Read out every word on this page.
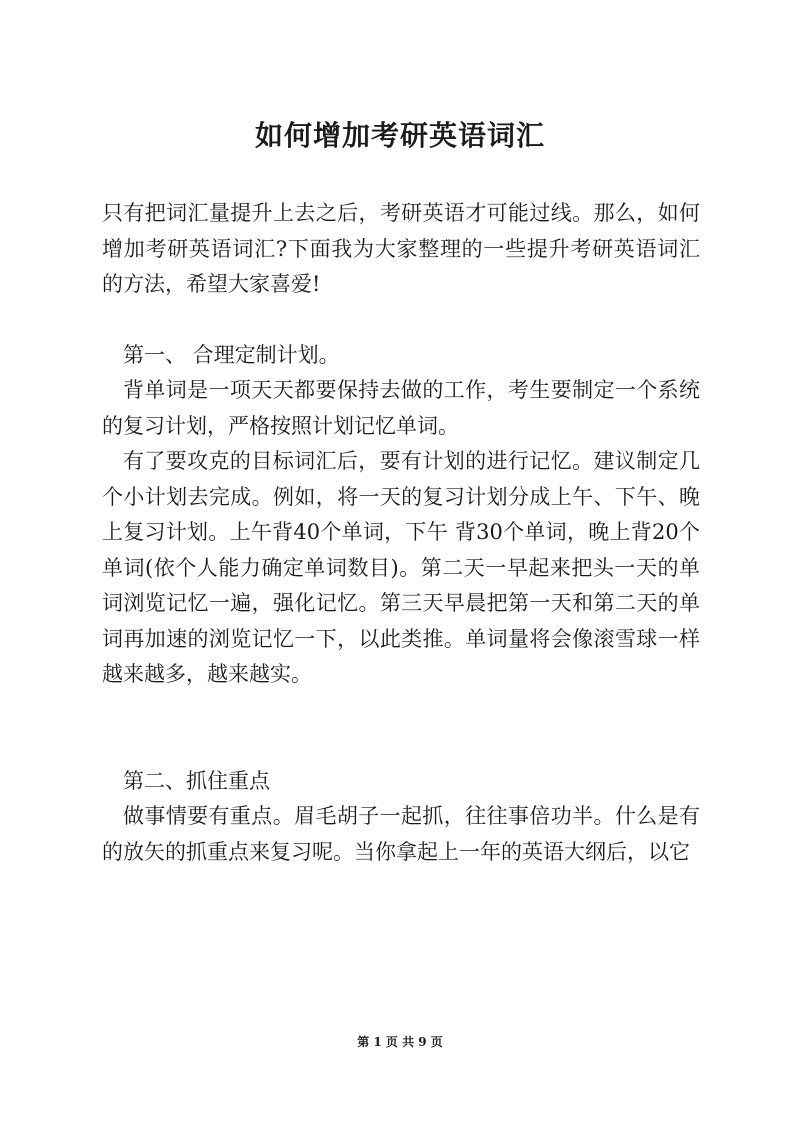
如何增加考研英语词汇

只有把词汇量提升上去之后，考研英语才可能过线。那么，如何增加考研英语词汇?下面我为大家整理的一些提升考研英语词汇的方法，希望大家喜爱!

第一、 合理定制计划。

背单词是一项天天都要保持去做的工作，考生要制定一个系统的复习计划，严格按照计划记忆单词。

有了要攻克的目标词汇后，要有计划的进行记忆。建议制定几个小计划去完成。例如，将一天的复习计划分成上午、下午、晚上复习计划。上午背40个单词，下午 背30个单词，晚上背20个单词(依个人能力确定单词数目)。第二天一早起来把头一天的单词浏览记忆一遍，强化记忆。第三天早晨把第一天和第二天的单词再加速的浏览记忆一下，以此类推。单词量将会像滚雪球一样越来越多，越来越实。

第二、抓住重点

做事情要有重点。眉毛胡子一起抓，往往事倍功半。什么是有的放矢的抓重点来复习呢。当你拿起上一年的英语大纲后，以它

第 1 页 共 9 页
